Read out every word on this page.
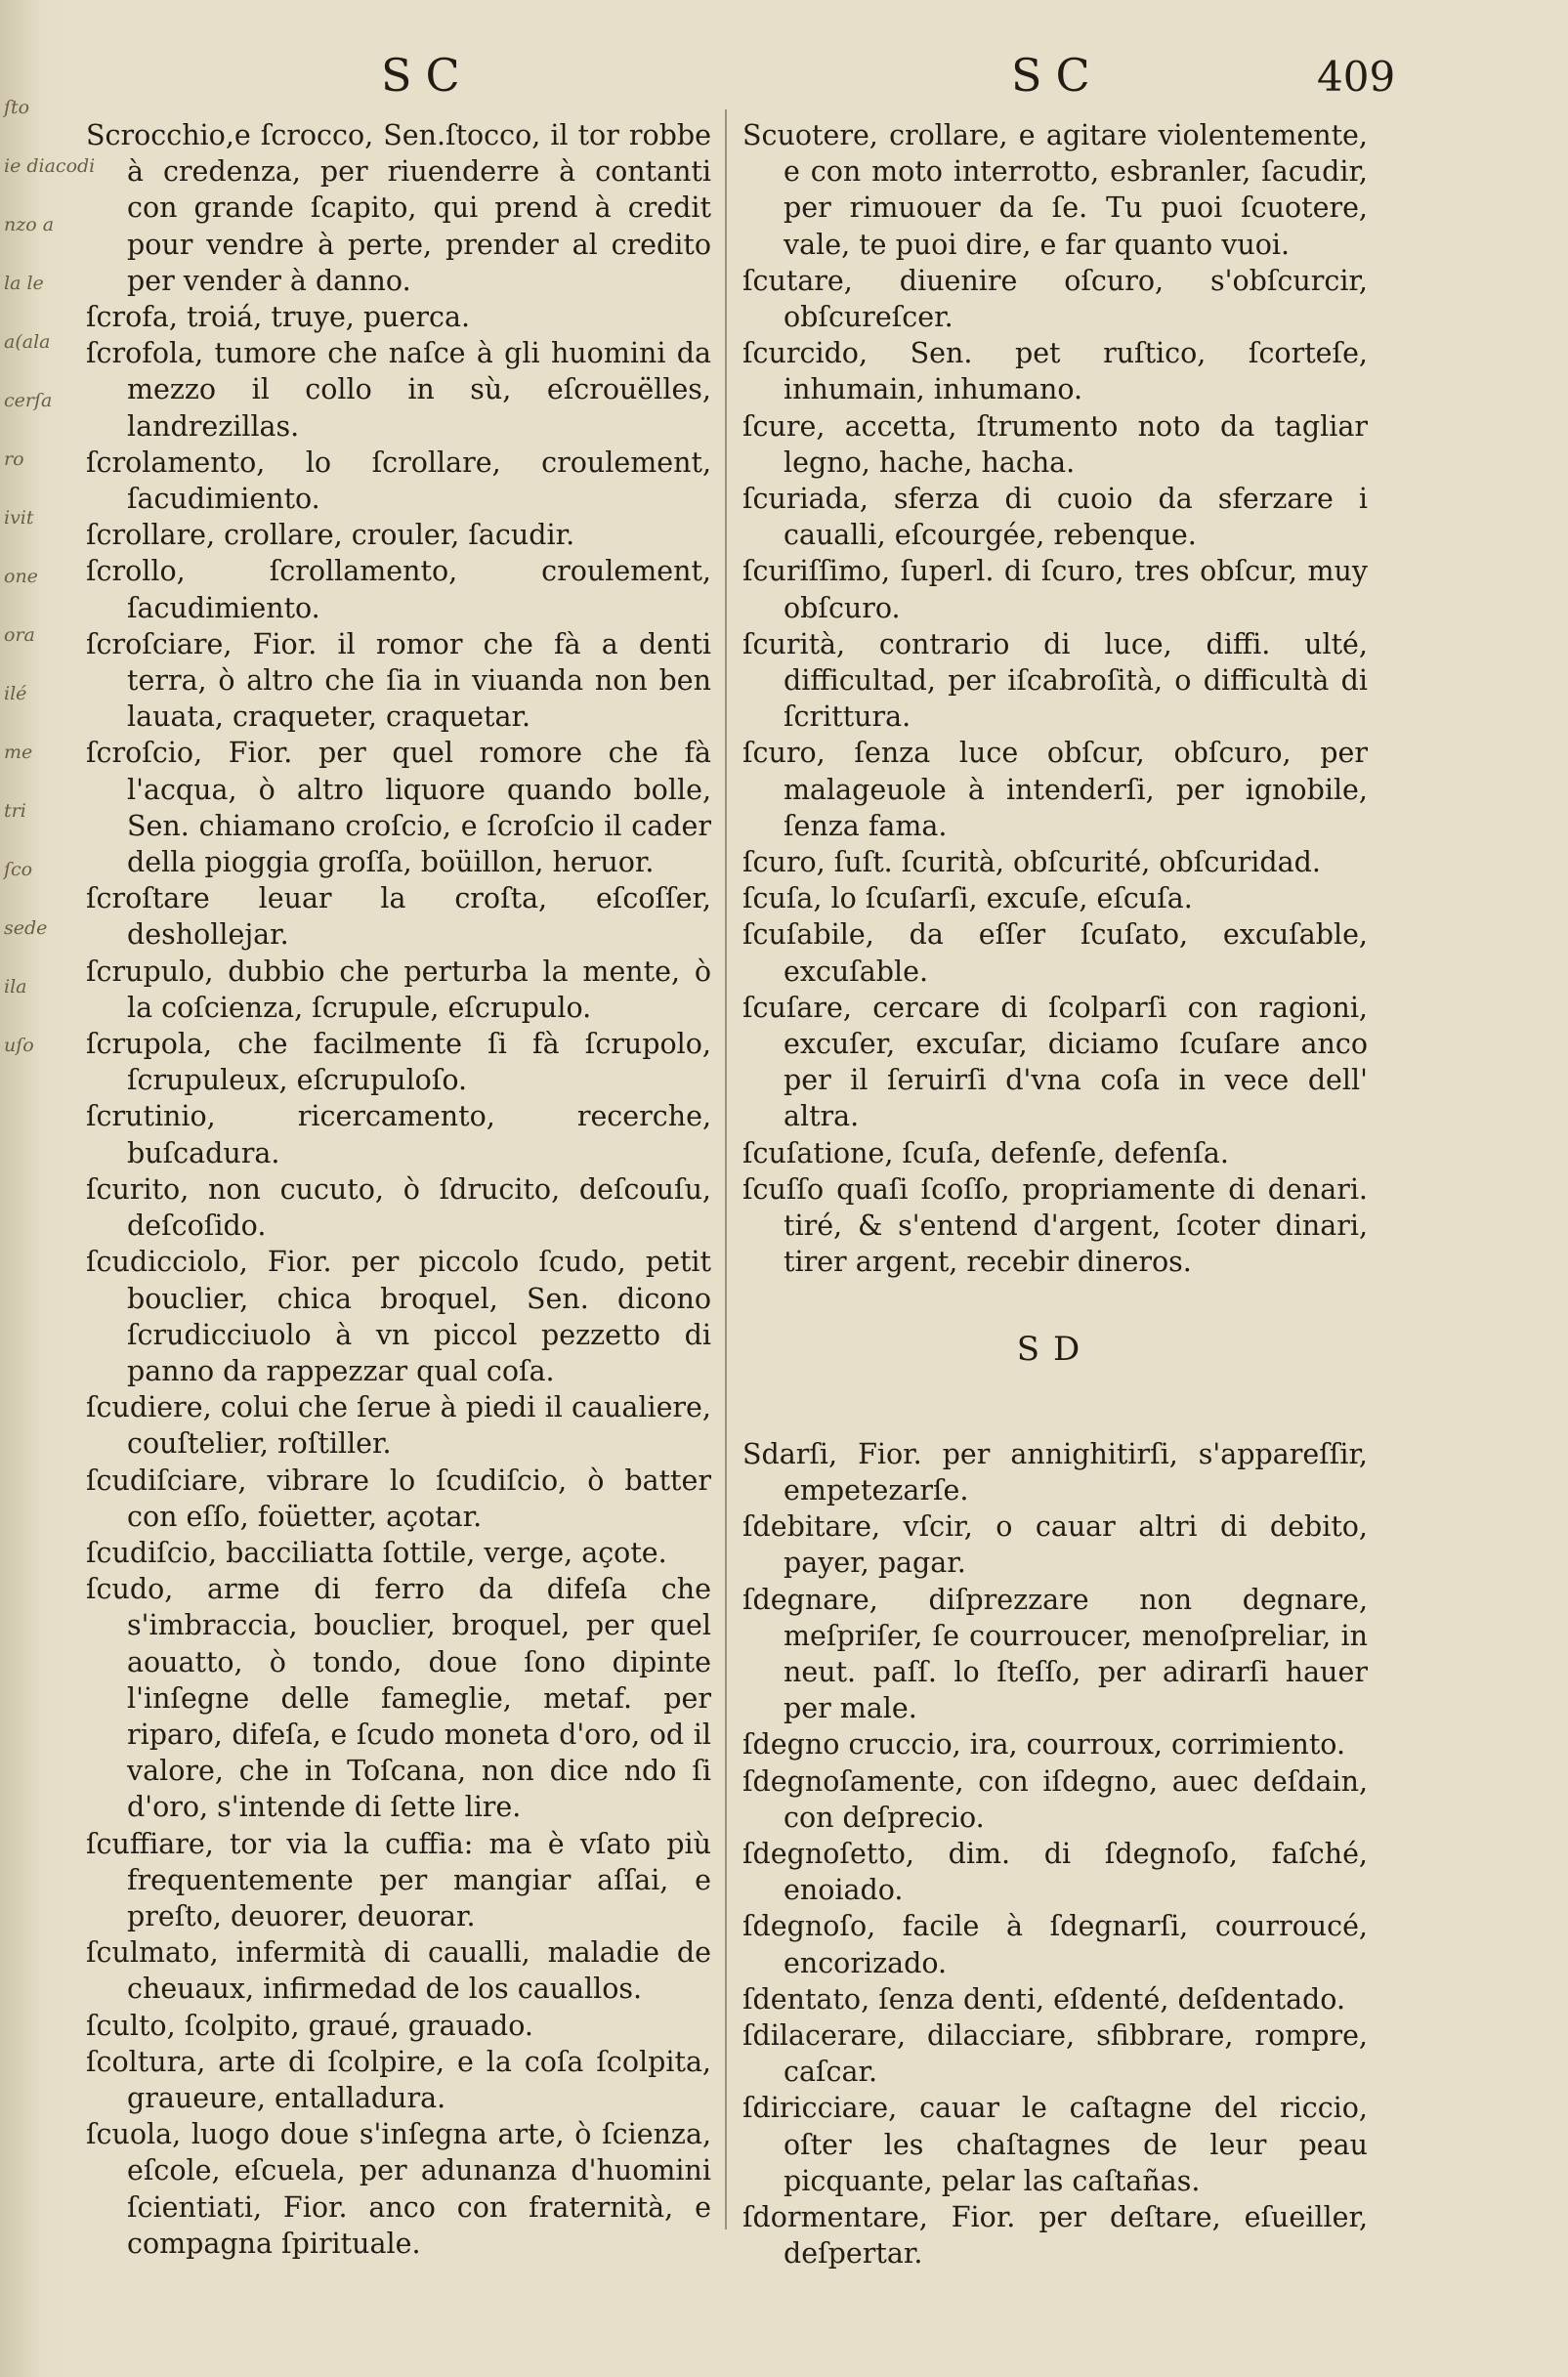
ſto
ie diacodi
nzo a
la le
a(ala
cerſa
ro
ivit
one
ora
ilé
me
tri
ſco
sede
ila
uſo
SC	SC	409

Scrocchio,e ſcrocco, Sen.ſtocco, il tor robbe à credenza, per riuenderre à contanti con grande ſcapito, qui prend à credit pour vendre à perte, prender al credito per vender à danno.

ſcrofa, troiá, truye, puerca.

ſcrofola, tumore che naſce à gli huomini da mezzo il collo in sù, eſcrouëlles, landrezillas.

ſcrolamento, lo ſcrollare, croulement, ſacudimiento.

ſcrollare, crollare, crouler, ſacudir.

ſcrollo, ſcrollamento, croulement, ſacudimiento.

ſcroſciare, Fior. il romor che fà a denti terra, ò altro che ſia in viuanda non ben lauata, craqueter, craquetar.

ſcroſcio, Fior. per quel romore che fà l'acqua, ò altro liquore quando bolle, Sen. chiamano croſcio, e ſcroſcio il cader della pioggia groſſa, boüillon, heruor.

ſcroſtare leuar la croſta, eſcoſſer, deshollejar.

ſcrupulo, dubbio che perturba la mente, ò la coſcienza, ſcrupule, eſcrupulo.

ſcrupola, che facilmente ſi fà ſcrupolo, ſcrupuleux, eſcrupuloſo.

ſcrutinio, ricercamento, recerche, buſcadura.

ſcurito, non cucuto, ò ſdrucito, deſcouſu, deſcoſido.

ſcudicciolo, Fior. per piccolo ſcudo, petit bouclier, chica broquel, Sen. dicono ſcrudicciuolo à vn piccol pezzetto di panno da rappezzar qual coſa.

ſcudiere, colui che ſerue à piedi il caualiere, couſtelier, roſtiller.

ſcudiſciare, vibrare lo ſcudiſcio, ò batter con eſſo, foüetter, açotar.

ſcudiſcio, bacciliatta ſottile, verge, açote.

ſcudo, arme di ferro da difeſa che s'imbraccia, bouclier, broquel, per quel aouatto, ò tondo, doue ſono dipinte l'inſegne delle fameglie, metaf. per riparo, difeſa, e ſcudo moneta d'oro, od il valore, che in Toſcana, non dice ndo ſi d'oro, s'intende di ſette lire.

ſcuffiare, tor via la cuffia: ma è vſato più frequentemente per mangiar aſſai, e preſto, deuorer, deuorar.

ſculmato, infermità di caualli, maladie de cheuaux, infirmedad de los cauallos.

ſculto, ſcolpito, graué, grauado.

ſcoltura, arte di ſcolpire, e la coſa ſcolpita, graueure, entalladura.

ſcuola, luogo doue s'inſegna arte, ò ſcienza, eſcole, eſcuela, per adunanza d'huomini ſcientiati, Fior. anco con fraternità, e compagna ſpirituale.

Scuotere, crollare, e agitare violentemente, e con moto interrotto, esbranler, ſacudir, per rimuouer da ſe. Tu puoi ſcuotere, vale, te puoi dire, e far quanto vuoi.

ſcutare, diuenire oſcuro, s'obſcurcir, obſcureſcer.

ſcurcido, Sen. pet ruſtico, ſcorteſe, inhumain, inhumano.

ſcure, accetta, ſtrumento noto da tagliar legno, hache, hacha.

ſcuriada, sferza di cuoio da sferzare i caualli, eſcourgée, rebenque.

ſcuriſſimo, ſuperl. di ſcuro, tres obſcur, muy obſcuro.

ſcurità, contrario di luce, diffi. ulté, difficultad, per iſcabroſità, o difficultà di ſcrittura.

ſcuro, ſenza luce obſcur, obſcuro, per malageuole à intenderſi, per ignobile, ſenza fama.

ſcuro, ſuſt. ſcurità, obſcurité, obſcuridad.

ſcuſa, lo ſcuſarſi, excuſe, eſcuſa.

ſcuſabile, da eſſer ſcuſato, excuſable, excuſable.

ſcuſare, cercare di ſcolparſi con ragioni, excuſer, excuſar, diciamo ſcuſare anco per il ſeruirſi d'vna coſa in vece dell' altra.

ſcuſatione, ſcuſa, defenſe, defenſa.

ſcuſſo quaſi ſcoſſo, propriamente di denari. tiré, & s'entend d'argent, ſcoter dinari, tirer argent, recebir dineros.

SD

Sdarſi, Fior. per annighitirſi, s'appareſſir, empetezarſe.

ſdebitare, vſcir, o cauar altri di debito, payer, pagar.

ſdegnare, diſprezzare non degnare, meſpriſer, ſe courroucer, menoſpreliar, in neut. paſſ. lo ſteſſo, per adirarſi hauer per male.

ſdegno cruccio, ira, courroux, corrimiento.

ſdegnoſamente, con iſdegno, auec deſdain, con deſprecio.

ſdegnoſetto, dim. di ſdegnoſo, faſché, enoiado.

ſdegnoſo, facile à ſdegnarſi, courroucé, encorizado.

ſdentato, ſenza denti, eſdenté, deſdentado.

ſdilacerare, dilacciare, sfibbrare, rompre, caſcar.

ſdiricciare, cauar le caſtagne del riccio, oſter les chaſtagnes de leur peau picquante, pelar las caſtañas.

ſdormentare, Fior. per deſtare, eſueiller, deſpertar.
